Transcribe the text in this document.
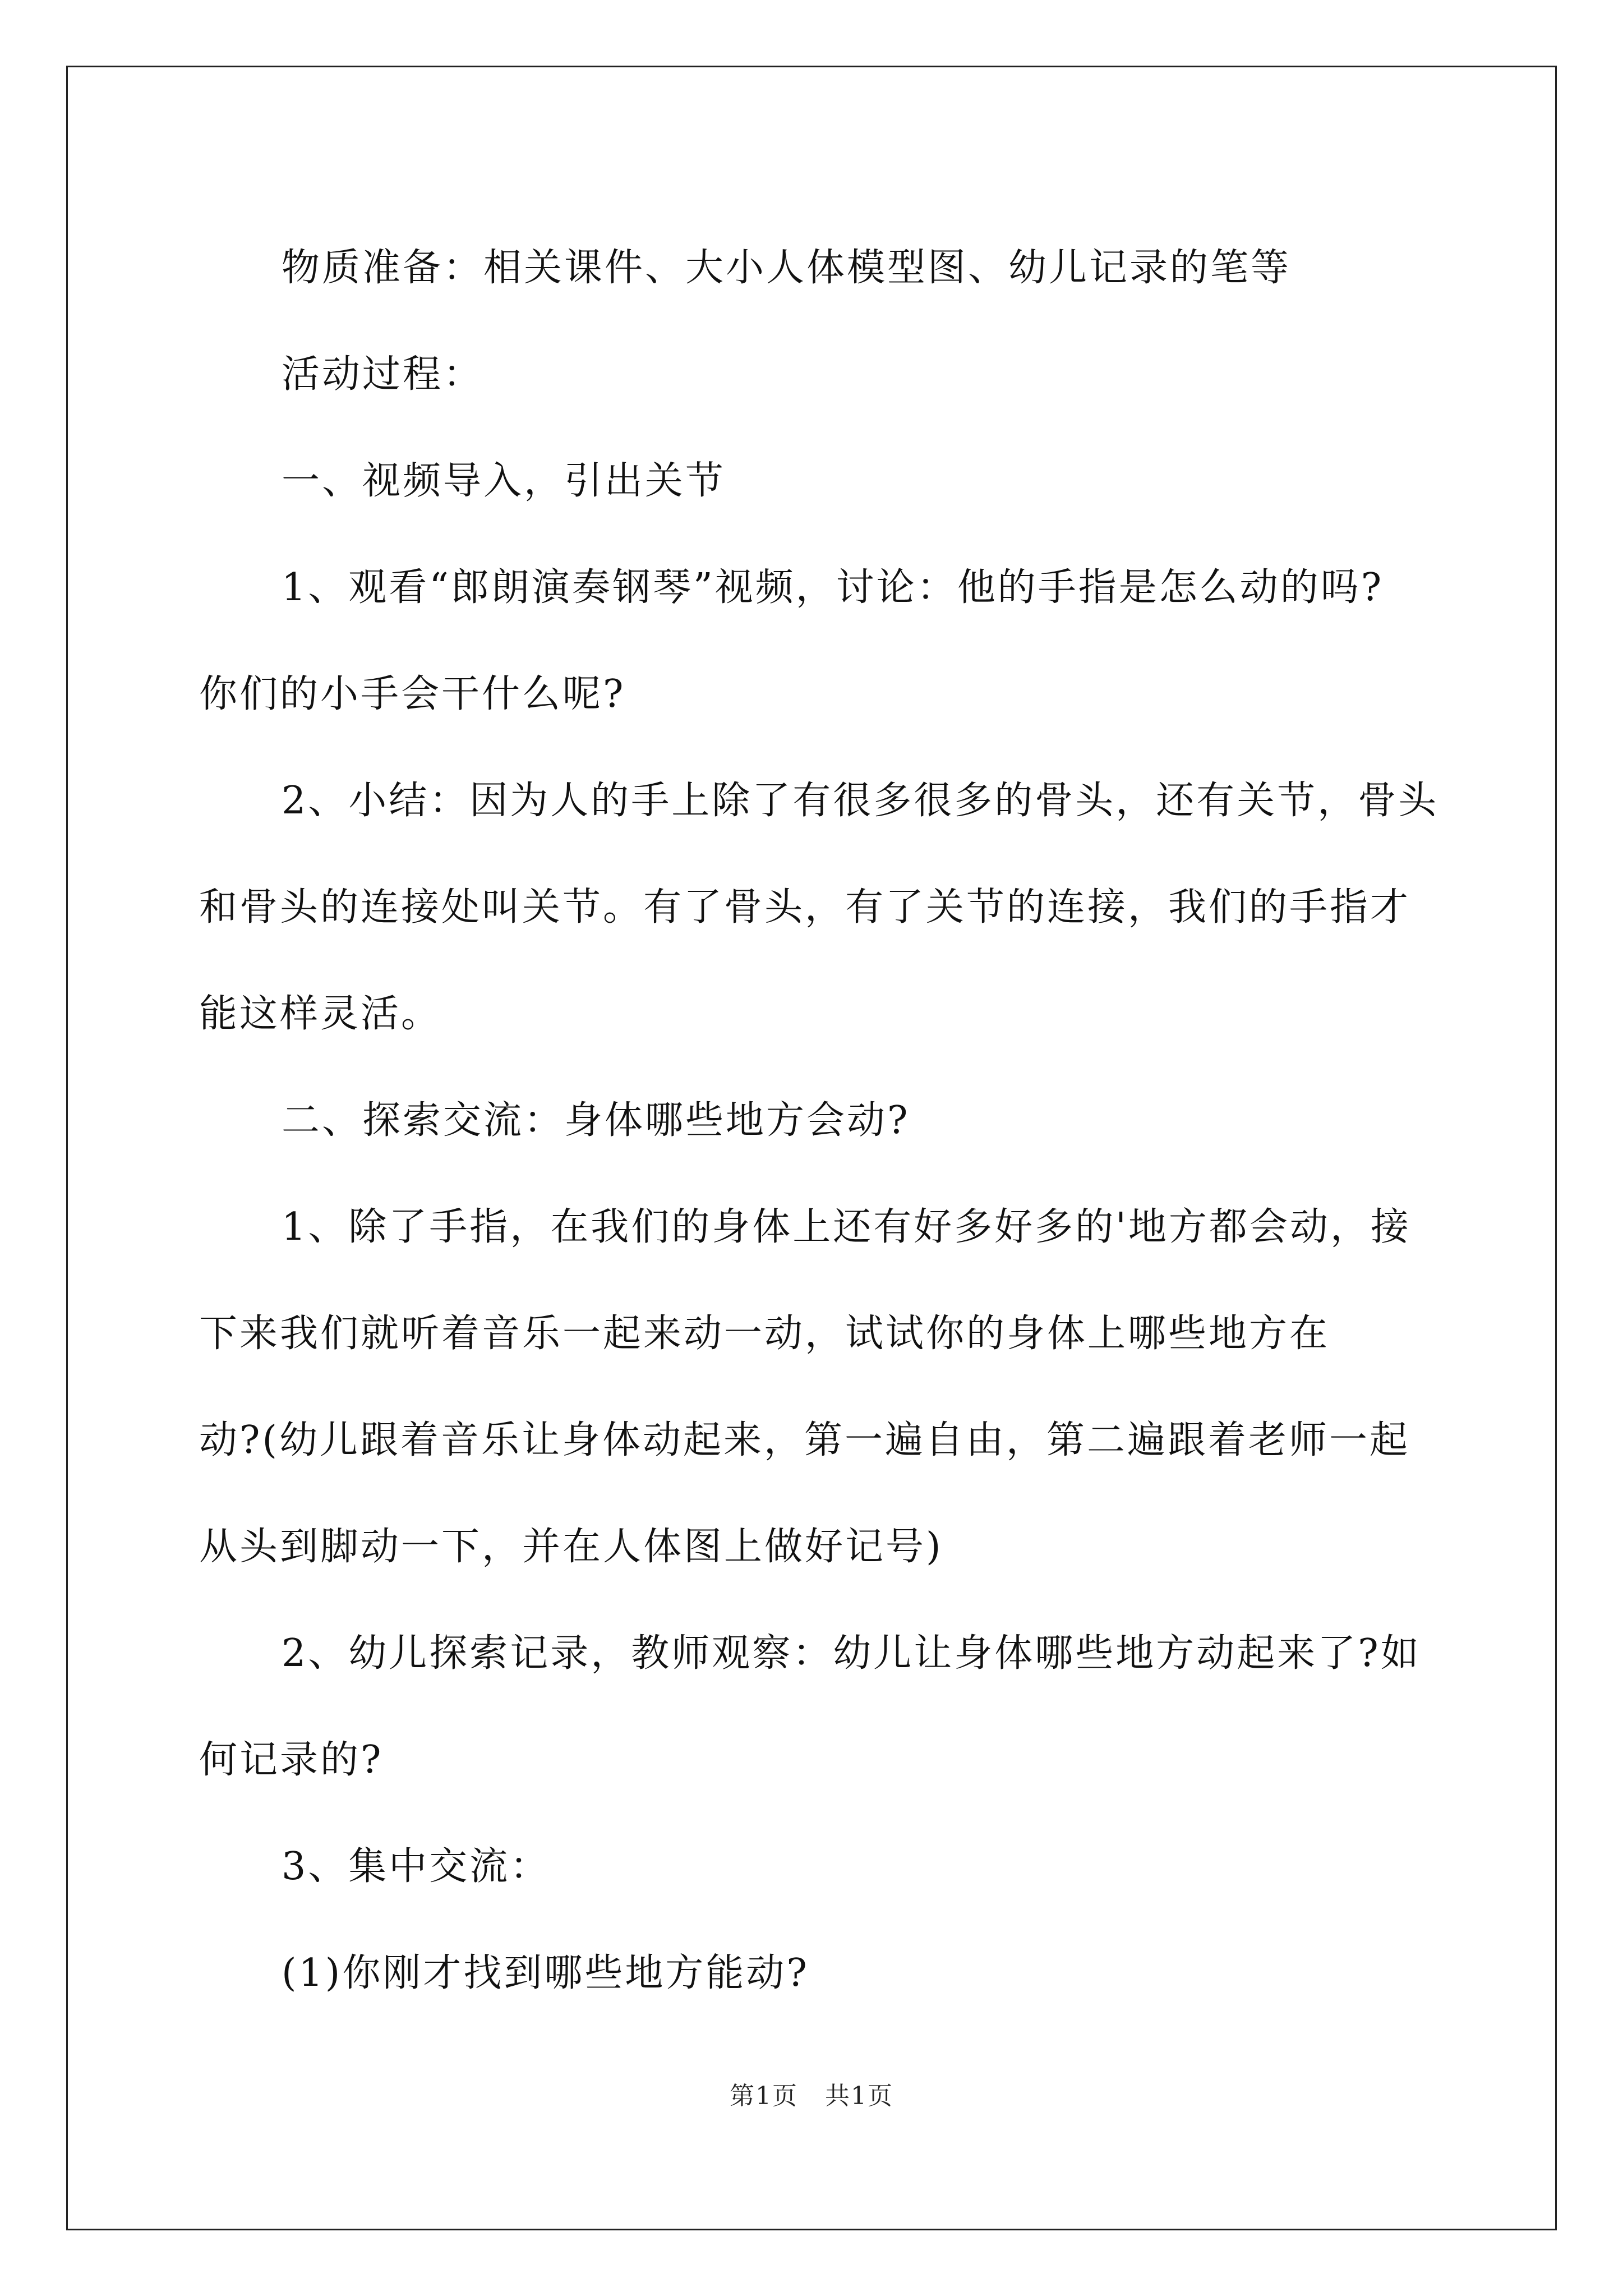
物质准备：相关课件、大小人体模型图、幼儿记录的笔等

活动过程：

一、视频导入，引出关节

1、观看“郎朗演奏钢琴”视频，讨论：他的手指是怎么动的吗?

你们的小手会干什么呢?

2、小结：因为人的手上除了有很多很多的骨头，还有关节，骨头

和骨头的连接处叫关节。有了骨头，有了关节的连接，我们的手指才

能这样灵活。

二、探索交流：身体哪些地方会动?

1、除了手指，在我们的身体上还有好多好多的'地方都会动，接

下来我们就听着音乐一起来动一动，试试你的身体上哪些地方在

动?(幼儿跟着音乐让身体动起来，第一遍自由，第二遍跟着老师一起

从头到脚动一下，并在人体图上做好记号)

2、幼儿探索记录，教师观察：幼儿让身体哪些地方动起来了?如

何记录的?

3、集中交流：

(1)你刚才找到哪些地方能动?

第1页 共1页
